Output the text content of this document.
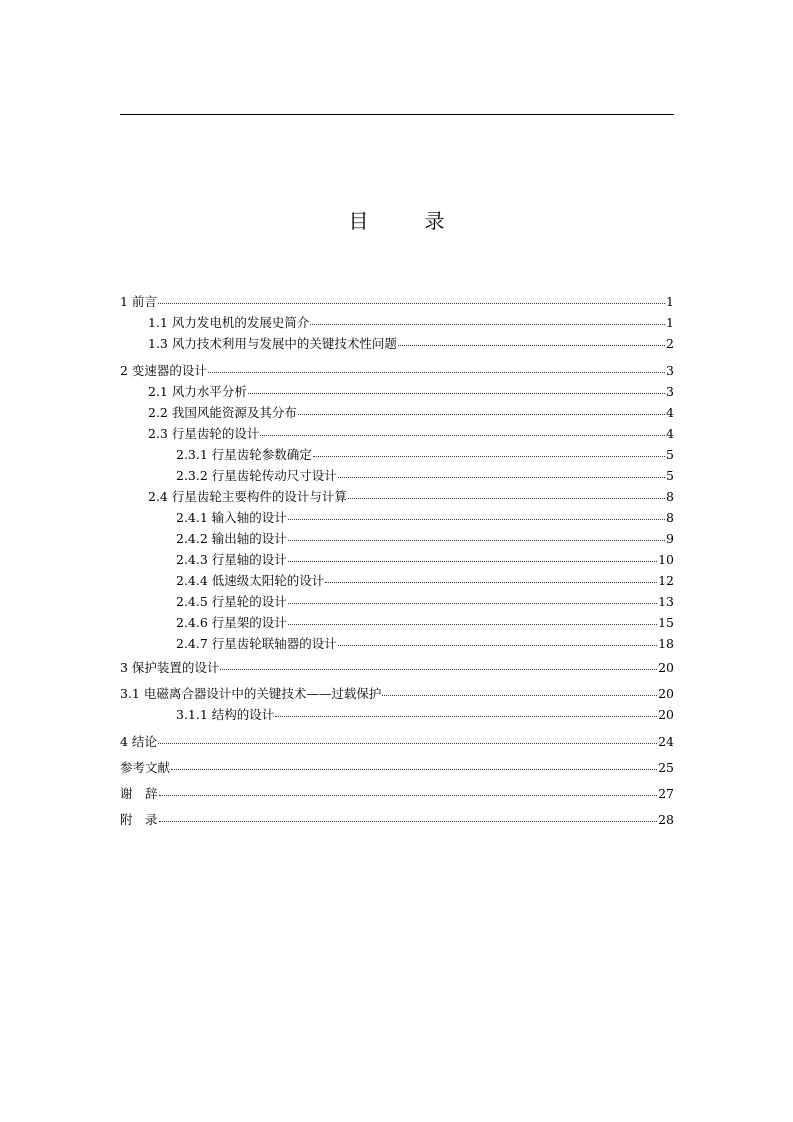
目　录
1 前言	1
1.1 风力发电机的发展史简介	1
1.3 风力技术利用与发展中的关键技术性问题	2
2 变速器的设计	3
2.1 风力水平分析	3
2.2 我国风能资源及其分布	4
2.3 行星齿轮的设计	4
2.3.1 行星齿轮参数确定	5
2.3.2 行星齿轮传动尺寸设计	5
2.4 行星齿轮主要构件的设计与计算	8
2.4.1 输入轴的设计	8
2.4.2 输出轴的设计	9
2.4.3 行星轴的设计	10
2.4.4 低速级太阳轮的设计	12
2.4.5 行星轮的设计	13
2.4.6 行星架的设计	15
2.4.7 行星齿轮联轴器的设计	18
3 保护装置的设计	20
3.1 电磁离合器设计中的关键技术——过载保护	20
3.1.1 结构的设计	20
4 结论	24
参考文献	25
谢　辞	27
附　录	28
